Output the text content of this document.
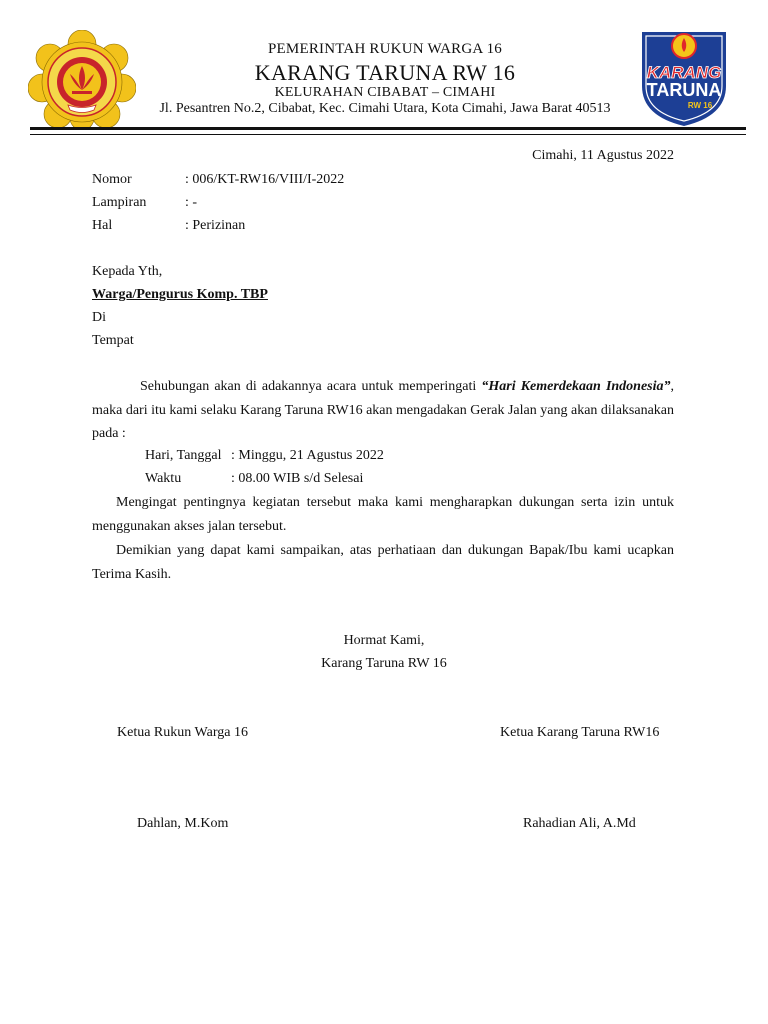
KARANG
TARUNA
RW 16
PEMERINTAH RUKUN WARGA 16
KARANG TARUNA RW 16
KELURAHAN CIBABAT – CIMAHI
Jl. Pesantren No.2, Cibabat, Kec. Cimahi Utara, Kota Cimahi, Jawa Barat 40513
Cimahi, 11 Agustus 2022
Nomor	: 006/KT-RW16/VIII/I-2022
Lampiran	: -
Hal	: Perizinan
Kepada Yth,
Warga/Pengurus Komp. TBP
Di
Tempat
Sehubungan akan di adakannya acara untuk memperingati “Hari Kemerdekaan Indonesia”, maka dari itu kami selaku Karang Taruna RW16 akan mengadakan Gerak Jalan yang akan dilaksanakan pada :
Hari, Tanggal : Minggu, 21 Agustus 2022
Waktu	: 08.00 WIB s/d Selesai
Mengingat pentingnya kegiatan tersebut maka kami mengharapkan dukungan serta izin untuk menggunakan akses jalan tersebut.
Demikian yang dapat kami sampaikan, atas perhatiaan dan dukungan Bapak/Ibu kami ucapkan Terima Kasih.
Hormat Kami,
Karang Taruna RW 16
Ketua Rukun Warga 16	Ketua Karang Taruna RW16
Dahlan, M.Kom	Rahadian Ali, A.Md
